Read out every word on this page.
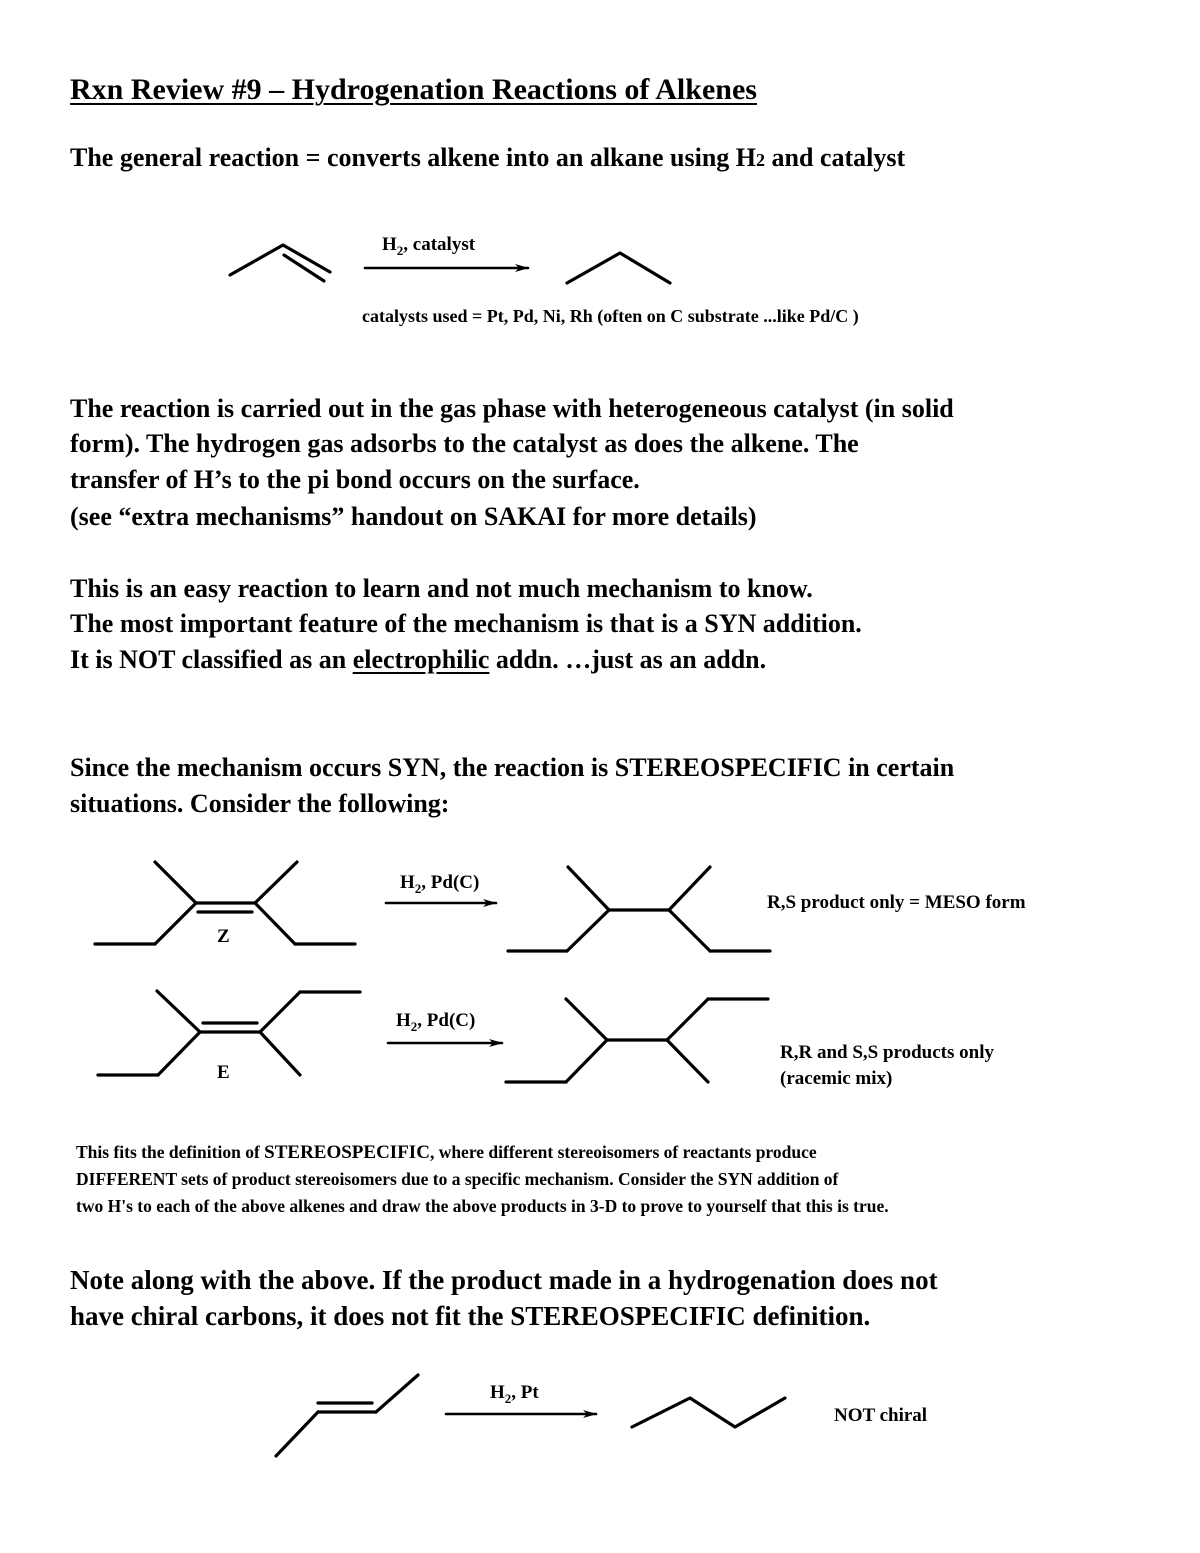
Rxn Review #9 – Hydrogenation Reactions of Alkenes
The general reaction = converts alkene into an alkane using H2 and catalyst
$H_2$, catalyst
catalysts used = Pt, Pd, Ni, Rh (often on C substrate ...like Pd/C )
The reaction is carried out in the gas phase with heterogeneous catalyst (in solid
form). The hydrogen gas adsorbs to the catalyst as does the alkene. The
transfer of H’s to the pi bond occurs on the surface.
(see “extra mechanisms” handout on SAKAI for more details)
This is an easy reaction to learn and not much mechanism to know.
The most important feature of the mechanism is that is a SYN addition.
It is NOT classified as an electrophilic addn. …just as an addn.
Since the mechanism occurs SYN, the reaction is STEREOSPECIFIC in certain
situations. Consider the following:
$H_2$, Pd(C)
Z
R,S product only = MESO form
$H_2$, Pd(C)
E
R,R and S,S products only
(racemic mix)
This fits the definition of STEREOSPECIFIC, where different stereoisomers of reactants produce
DIFFERENT sets of product stereoisomers due to a specific mechanism. Consider the SYN addition of
two H's to each of the above alkenes and draw the above products in 3-D to prove to yourself that this is true.
Note along with the above. If the product made in a hydrogenation does not
have chiral carbons, it does not fit the STEREOSPECIFIC definition.
$H_2$, Pt
NOT chiral
